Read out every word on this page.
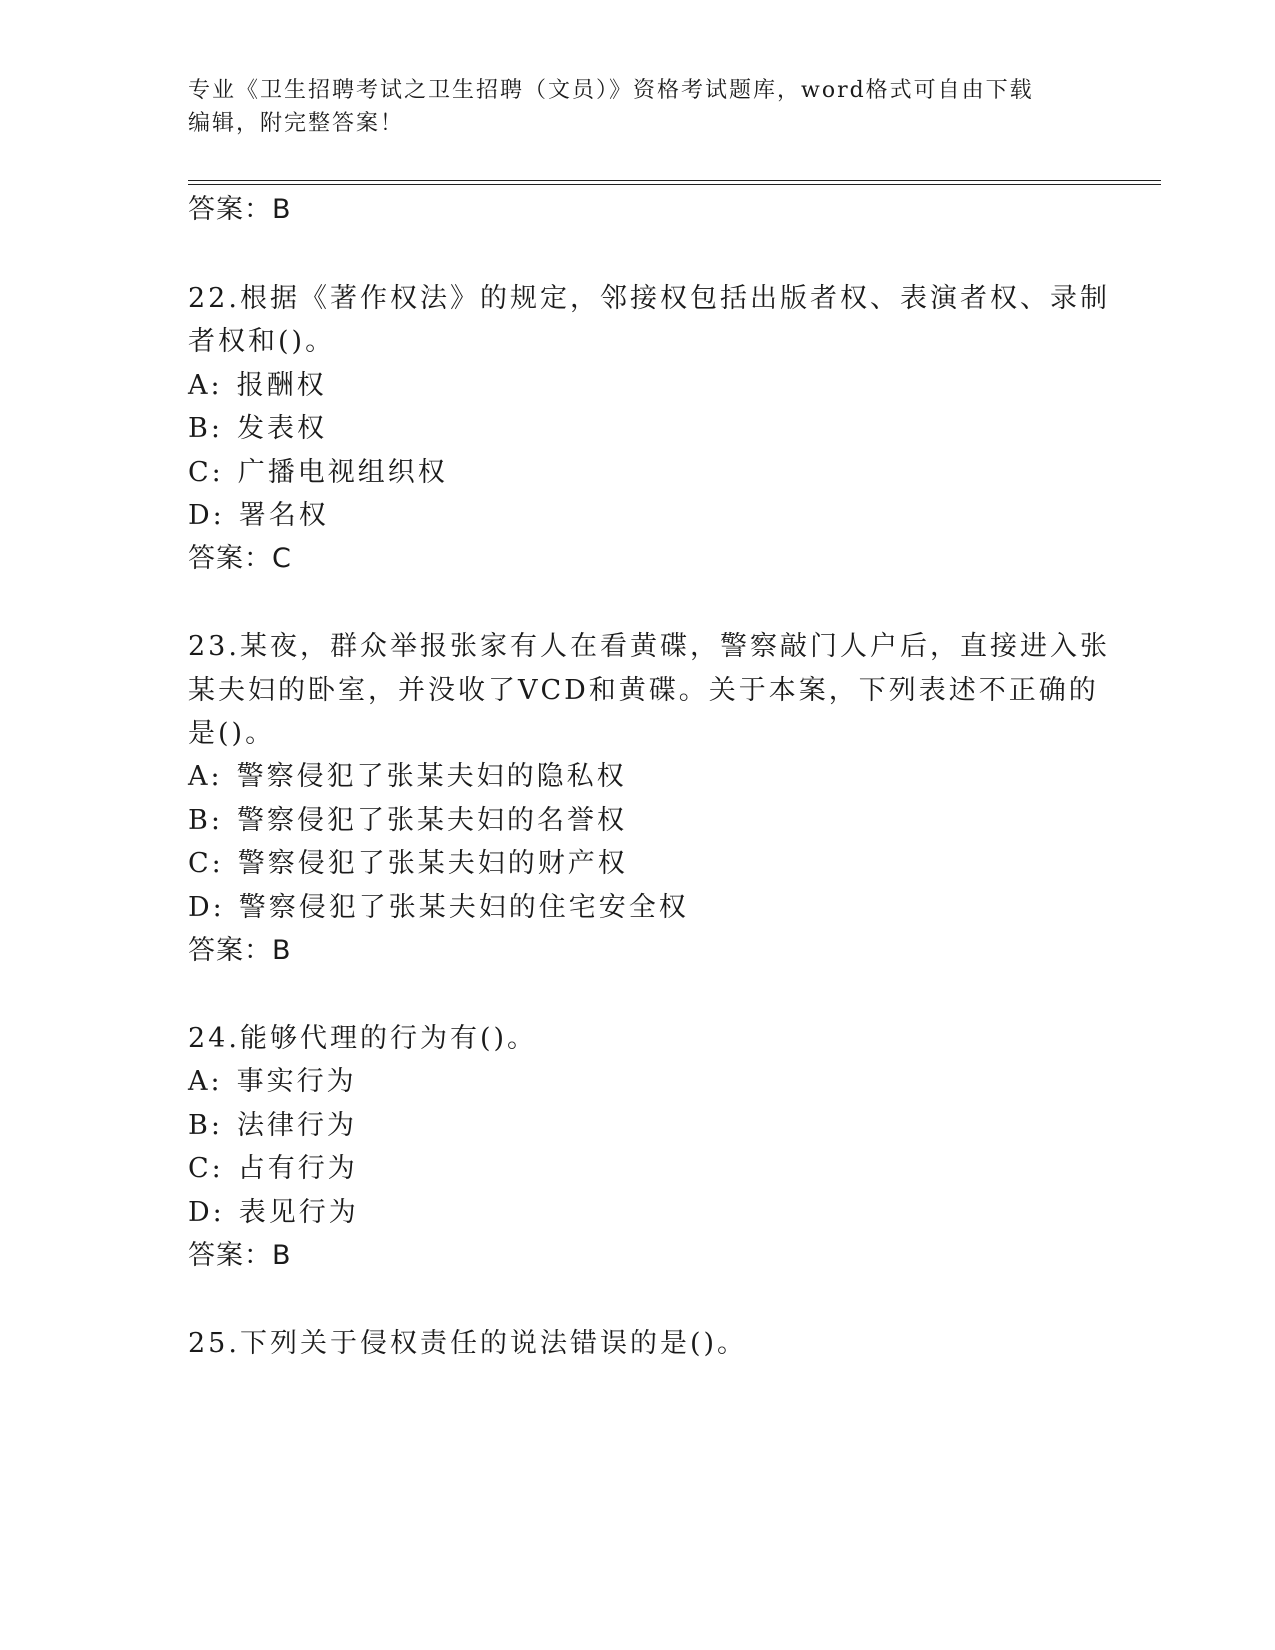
专业《卫生招聘考试之卫生招聘（文员）》资格考试题库，word格式可自由下载
编辑，附完整答案！
答案：B
22.根据《著作权法》的规定，邻接权包括出版者权、表演者权、录制
者权和()。
A: 报酬权
B: 发表权
C: 广播电视组织权
D: 署名权
答案：C
23.某夜，群众举报张家有人在看黄碟，警察敲门人户后，直接进入张
某夫妇的卧室，并没收了VCD和黄碟。关于本案，下列表述不正确的
是()。
A: 警察侵犯了张某夫妇的隐私权
B: 警察侵犯了张某夫妇的名誉权
C: 警察侵犯了张某夫妇的财产权
D: 警察侵犯了张某夫妇的住宅安全权
答案：B
24.能够代理的行为有()。
A: 事实行为
B: 法律行为
C: 占有行为
D: 表见行为
答案：B
25.下列关于侵权责任的说法错误的是()。
